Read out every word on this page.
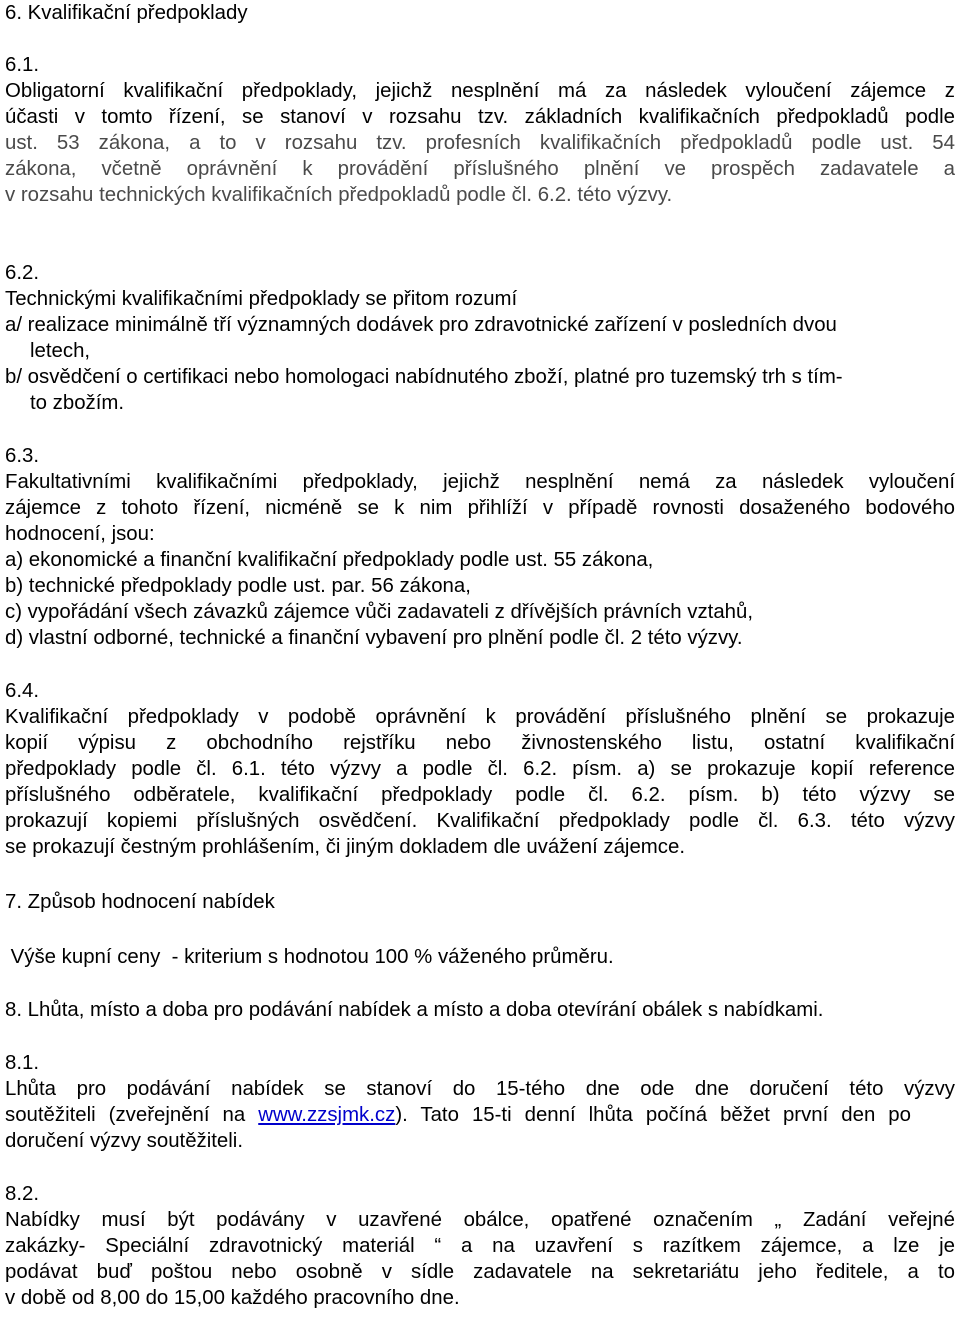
6. Kvalifikační předpoklady
6.1.
Obligatorní kvalifikační předpoklady, jejichž nesplnění má za následek vyloučení zájemce z
účasti v tomto řízení, se stanoví v rozsahu tzv. základních kvalifikačních předpokladů podle
ust. 53 zákona, a to v rozsahu tzv. profesních kvalifikačních předpokladů podle ust. 54
zákona, včetně oprávnění k provádění příslušného plnění ve prospěch zadavatele a
v rozsahu technických kvalifikačních předpokladů podle čl. 6.2. této výzvy.
6.2.
Technickými kvalifikačními předpoklady se přitom rozumí
a/ realizace minimálně tří významných dodávek pro zdravotnické zařízení v posledních dvou
letech,
b/ osvědčení o certifikaci nebo homologaci nabídnutého zboží, platné pro tuzemský trh s tím-
to zbožím.
6.3.
Fakultativními kvalifikačními předpoklady, jejichž nesplnění nemá za následek vyloučení
zájemce z tohoto řízení, nicméně se k nim přihlíží v případě rovnosti dosaženého bodového
hodnocení, jsou:
a) ekonomické a finanční kvalifikační předpoklady podle ust. 55 zákona,
b) technické předpoklady podle ust. par. 56 zákona,
c) vypořádání všech závazků zájemce vůči zadavateli z dřívějších právních vztahů,
d) vlastní odborné, technické a finanční vybavení pro plnění podle čl. 2 této výzvy.
6.4.
Kvalifikační předpoklady v podobě oprávnění k provádění příslušného plnění se prokazuje
kopií výpisu z obchodního rejstříku nebo živnostenského listu, ostatní kvalifikační
předpoklady podle čl. 6.1. této výzvy a podle čl. 6.2. písm. a) se prokazuje kopií reference
příslušného odběratele, kvalifikační předpoklady podle čl. 6.2. písm. b) této výzvy se
prokazují kopiemi příslušných osvědčení. Kvalifikační předpoklady podle čl. 6.3. této výzvy
se prokazují čestným prohlášením, či jiným dokladem dle uvážení zájemce.
7. Způsob hodnocení nabídek
Výše kupní ceny  - kriterium s hodnotou 100 % váženého průměru.
8. Lhůta, místo a doba pro podávání nabídek a místo a doba otevírání obálek s nabídkami.
8.1.
Lhůta pro podávání nabídek se stanoví do 15-tého dne ode dne doručení této výzvy
soutěžiteli (zveřejnění na www.zzsjmk.cz). Tato 15-ti denní lhůta počíná běžet první den po
doručení výzvy soutěžiteli.
8.2.
Nabídky musí být podávány v uzavřené obálce, opatřené označením „ Zadání veřejné
zakázky- Speciální zdravotnický materiál “ a na uzavření s razítkem zájemce, a lze je
podávat buď poštou nebo osobně v sídle zadavatele na sekretariátu jeho ředitele, a to
v době od 8,00 do 15,00 každého pracovního dne.
